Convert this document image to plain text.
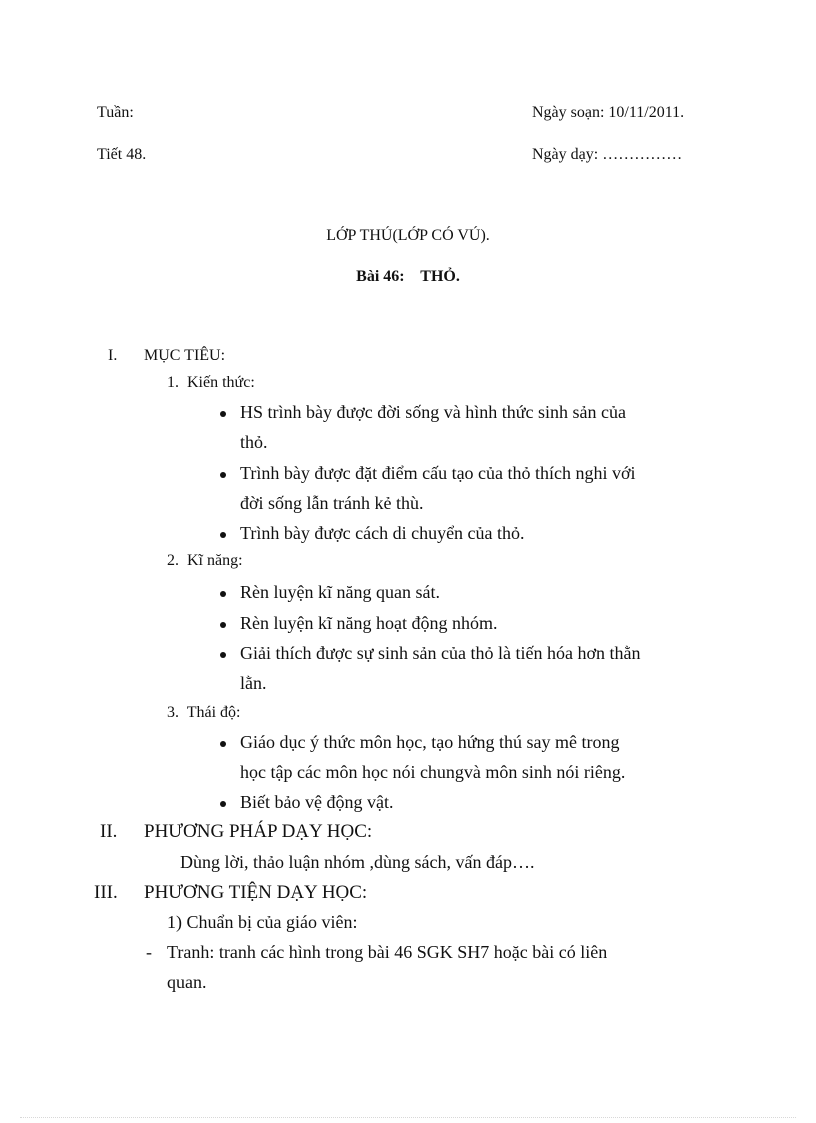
Tuần:	Ngày soạn: 10/11/2011.
Tiết 48.	Ngày dạy: ……………
LỚP THÚ(LỚP CÓ VÚ).
Bài 46:    THỎ.
I. MỤC TIÊU:
1.  Kiến thức:
HS trình bày được đời sống và hình thức sinh sản của
thỏ.
Trình bày được đặt điểm cấu tạo của thỏ thích nghi với
đời sống lẫn tránh kẻ thù.
Trình bày được cách di chuyển của thỏ.
2.  Kĩ năng:
Rèn luyện kĩ năng quan sát.
Rèn luyện kĩ năng hoạt động nhóm.
Giải thích được sự sinh sản của thỏ là tiến hóa hơn thằn
lằn.
3.  Thái độ:
Giáo dục ý thức môn học, tạo hứng thú say mê trong
học tập các môn học nói chungvà môn sinh nói riêng.
Biết bảo vệ động vật.
II. PHƯƠNG PHÁP DẠY HỌC:
Dùng lời, thảo luận nhóm ,dùng sách, vấn đáp….
III. PHƯƠNG TIỆN DẠY HỌC:
1) Chuẩn bị của giáo viên:
- Tranh: tranh các hình trong bài 46 SGK SH7 hoặc bài có liên
quan.
